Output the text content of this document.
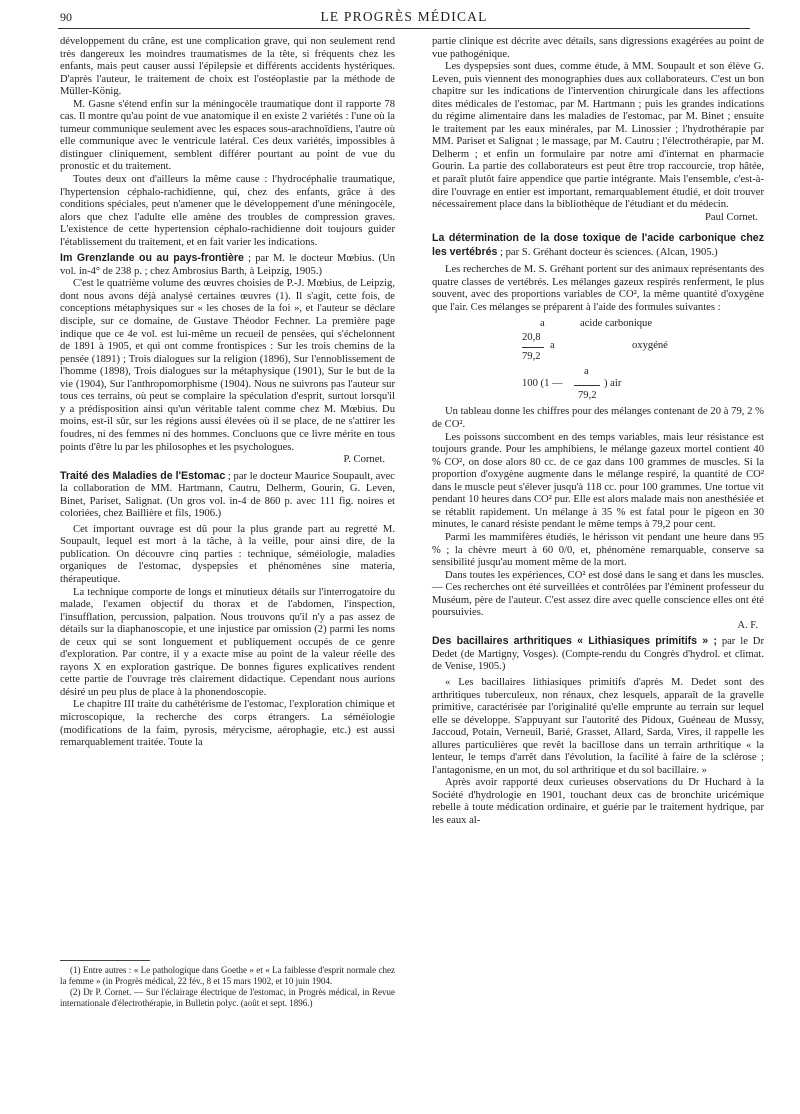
90	LE PROGRÈS MÉDICAL

développement du crâne, est une complication grave, qui non seulement rend très dangereux les moindres traumatismes de la tête, si fréquents chez les enfants, mais peut causer aussi l'épilepsie et différents accidents hystériques. D'après l'auteur, le traitement de choix est l'ostéoplastie par la méthode de Müller-König.

M. Gasne s'étend enfin sur la méningocèle traumatique dont il rapporte 78 cas. Il montre qu'au point de vue anatomique il en existe 2 variétés : l'une où la tumeur communique seulement avec les espaces sous-arachnoïdiens, l'autre où elle communique avec le ventricule latéral. Ces deux variétés, impossibles à distinguer cliniquement, semblent différer pourtant au point de vue du pronostic et du traitement.

Toutes deux ont d'ailleurs la même cause : l'hydrocéphalie traumatique, l'hypertension céphalo-rachidienne, qui, chez des enfants, grâce à des conditions spéciales, peut n'amener que le développement d'une méningocèle, alors que chez l'adulte elle amène des troubles de compression graves. L'existence de cette hypertension céphalo-rachidienne doit toujours guider l'établissement du traitement, et en fait varier les indications.

Im Grenzlande ou au pays-frontière ; par M. le docteur Mœbius. (Un vol. in-4° de 238 p. ; chez Ambrosius Barth, à Leipzig, 1905.)

C'est le quatrième volume des œuvres choisies de P.-J. Mœbius, de Leipzig, dont nous avons déjà analysé certaines œuvres (1). Il s'agit, cette fois, de conceptions métaphysiques sur « les choses de la foi », et l'auteur se déclare disciple, sur ce domaine, de Gustave Théodor Fechner. La première page indique que ce 4e vol. est lui-même un recueil de pensées, qui s'échelonnent de 1891 à 1905, et qui ont comme frontispices : Sur les trois chemins de la pensée (1891) ; Trois dialogues sur la religion (1896), Sur l'ennoblissement de l'homme (1898), Trois dialogues sur la métaphysique (1901), Sur le but de la vie (1904), Sur l'anthropomorphisme (1904). Nous ne suivrons pas l'auteur sur tous ces terrains, où peut se complaire la spéculation d'esprit, surtout lorsqu'il y a prédisposition ainsi qu'un véritable talent comme chez M. Mœbius. Du moins, est-il sûr, sur les régions aussi élevées où il se place, de ne s'attirer les foudres, ni des femmes ni des hommes. Concluons que ce livre mérite en tous points d'être lu par les philosophes et les psychologues.

P. Cornet.

Traité des Maladies de l'Estomac ; par le docteur Maurice Soupault, avec la collaboration de MM. Hartmann, Cautru, Delherm, Gourin, G. Leven, Binet, Pariset, Salignat. (Un gros vol. in-4 de 860 p. avec 111 fig. noires et coloriées, chez Baillière et fils, 1906.)

Cet important ouvrage est dû pour la plus grande part au regretté M. Soupault, lequel est mort à la tâche, à la veille, pour ainsi dire, de la publication. On découvre cinq parties : technique, séméiologie, maladies organiques de l'estomac, dyspepsies et phénomènes sine materia, thérapeutique.

La technique comporte de longs et minutieux détails sur l'interrogatoire du malade, l'examen objectif du thorax et de l'abdomen, l'inspection, l'insufflation, percussion, palpation. Nous trouvons qu'il n'y a pas assez de détails sur la diaphanoscopie, et une injustice par omission (2) parmi les noms de ceux qui se sont longuement et publiquement occupés de ce genre d'exploration. Par contre, il y a exacte mise au point de la valeur réelle des rayons X en exploration gastrique. De bonnes figures explicatives rendent cette partie de l'ouvrage très clairement didactique. Cependant nous aurions désiré un peu plus de place à la phonendoscopie.

Le chapitre III traite du cathétérisme de l'estomac, l'exploration chimique et microscopique, la recherche des corps étrangers. La séméiologie (modifications de la faim, pyrosis, mérycisme, aérophagie, etc.) est aussi remarquablement traitée. Toute la

(1) Entre autres : « Le pathologique dans Goethe » et « La faiblesse d'esprit normale chez la femme » (in Progrès médical, 22 fév., 8 et 15 mars 1902, et 10 juin 1904.

(2) Dr P. Cornet. — Sur l'éclairage électrique de l'estomac, in Progrès médical, in Revue internationale d'électrothérapie, in Bulletin polyc. (août et sept. 1896.)

partie clinique est décrite avec détails, sans digressions exagérées au point de vue pathogénique.

Les dyspepsies sont dues, comme étude, à MM. Soupault et son élève G. Leven, puis viennent des monographies dues aux collaborateurs. C'est un bon chapitre sur les indications de l'intervention chirurgicale dans les affections dites médicales de l'estomac, par M. Hartmann ; puis les grandes indications du régime alimentaire dans les maladies de l'estomac, par M. Binet ; ensuite le traitement par les eaux minérales, par M. Linossier ; l'hydrothérapie par MM. Pariset et Salignat ; le massage, par M. Cautru ; l'électrothérapie, par M. Delherm ; et enfin un formulaire par notre ami d'internat en pharmacie Gourin. La partie des collaborateurs est peut être trop raccourcie, trop hâtée, et paraît plutôt faire appendice que partie intégrante. Mais l'ensemble, c'est-à-dire l'ouvrage en entier est important, remarquablement étudié, et doit trouver nécessairement place dans la bibliothèque de l'étudiant et du médecin.

Paul Cornet.

La détermination de la dose toxique de l'acide carbonique chez les vertébrés ; par S. Gréhant docteur ès sciences. (Alcan, 1905.)

Les recherches de M. S. Gréhant portent sur des animaux représentants des quatre classes de vertébrés. Les mélanges gazeux respirés renferment, le plus souvent, avec des proportions variables de CO², la même quantité d'oxygène que l'air. Ces mélanges se préparent à l'aide des formules suivantes :

a	acide carbonique
20,8
a	oxygéné
79,2
a
100 (1 —	) air
79,2

Un tableau donne les chiffres pour des mélanges contenant de 20 à 79, 2 % de CO².

Les poissons succombent en des temps variables, mais leur résistance est toujours grande. Pour les amphibiens, le mélange gazeux mortel contient 40 % CO², on dose alors 80 cc. de ce gaz dans 100 grammes de muscles. Si la proportion d'oxygène augmente dans le mélange respiré, la quantité de CO² dans le muscle peut s'élever jusqu'à 118 cc. pour 100 grammes. Une tortue vit pendant 10 heures dans CO² pur. Elle est alors malade mais non anesthésiée et se rétablit rapidement. Un mélange à 35 % est fatal pour le pigeon en 30 minutes, le canard résiste pendant le même temps à 79,2 pour cent.

Parmi les mammifères étudiés, le hérisson vit pendant une heure dans 95 % ; la chèvre meurt à 60 0/0, et, phénomène remarquable, conserve sa sensibilité jusqu'au moment même de la mort.

Dans toutes les expériences, CO² est dosé dans le sang et dans les muscles. — Ces recherches ont été surveillées et contrôlées par l'éminent professeur du Muséum, père de l'auteur. C'est assez dire avec quelle conscience elles ont été poursuivies.

A. F.

Des bacillaires arthritiques « Lithiasiques primitifs » ; par le Dr Dedet (de Martigny, Vosges). (Compte-rendu du Congrès d'hydrol. et climat. de Venise, 1905.)

« Les bacillaires lithiasiques primitifs d'après M. Dedet sont des arthritiques tuberculeux, non rénaux, chez lesquels, apparaît de la gravelle primitive, caractérisée par l'originalité qu'elle emprunte au terrain sur lequel elle se développe. S'appuyant sur l'autorité des Pidoux, Guéneau de Mussy, Jaccoud, Potain, Verneuil, Barié, Grasset, Allard, Sarda, Vires, il rappelle les allures particulières que revêt la bacillose dans un terrain arthritique « la lenteur, le temps d'arrêt dans l'évolution, la facilité à faire de la sclérose ; l'antagonisme, en un mot, du sol arthritique et du sol bacillaire. »

Après avoir rapporté deux curieuses observations du Dr Huchard à la Société d'hydrologie en 1901, touchant deux cas de bronchite uricémique rebelle à toute médication ordinaire, et guérie par le traitement hydrique, par les eaux al-
